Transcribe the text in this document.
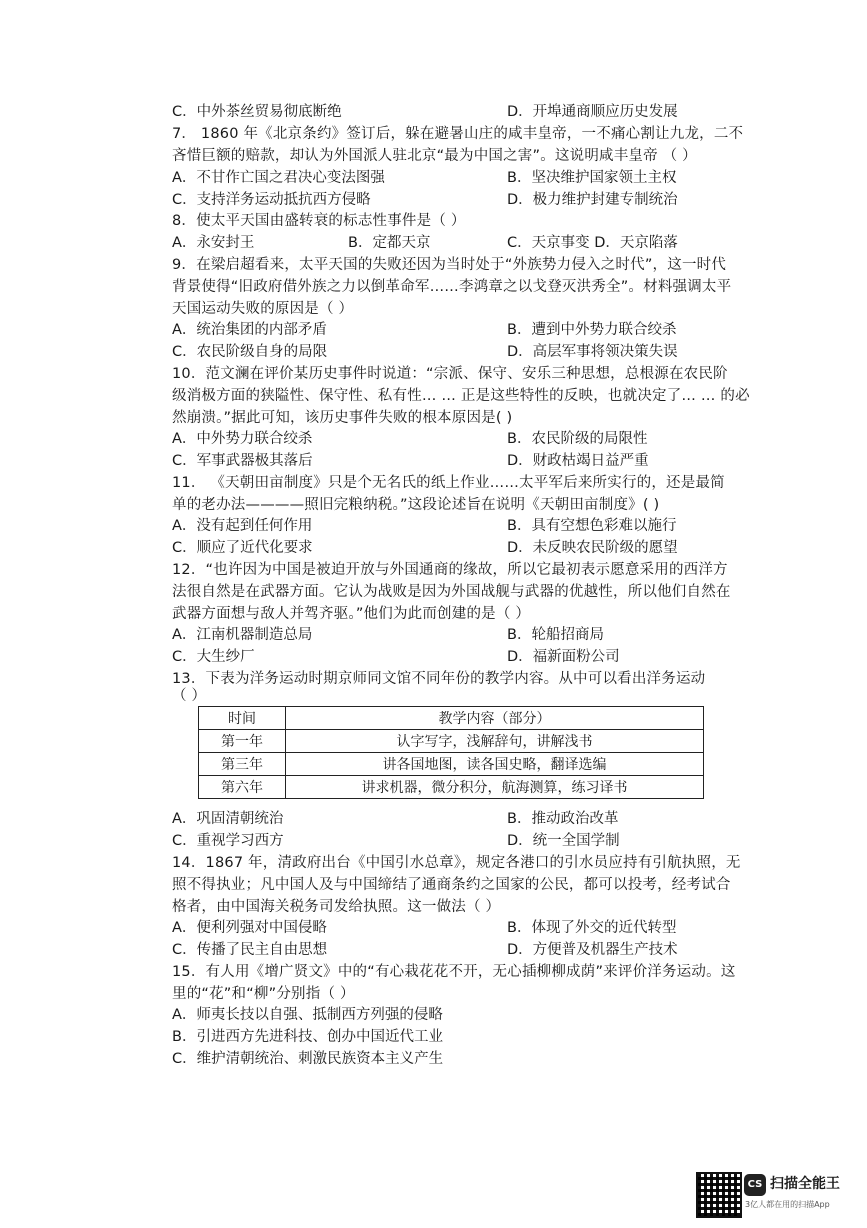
C．中外茶丝贸易彻底断绝	D．开埠通商顺应历史发展
7． 1860 年《北京条约》签订后，躲在避暑山庄的咸丰皇帝，一不痛心割让九龙，二不
吝惜巨额的赔款，却认为外国派人驻北京“最为中国之害”。这说明咸丰皇帝 （ ）
A．不甘作亡国之君决心变法图强	B．坚决维护国家领土主权
C．支持洋务运动抵抗西方侵略	D．极力维护封建专制统治
8．使太平天国由盛转衰的标志性事件是（ ）
A．永安封王	B．定都天京	C．天京事变 D．天京陷落
9．在梁启超看来，太平天国的失败还因为当时处于“外族势力侵入之时代”，这一时代
背景使得“旧政府借外族之力以倒革命军……李鸿章之以戈登灭洪秀全”。材料强调太平
天国运动失败的原因是（ ）
A．统治集团的内部矛盾	B．遭到中外势力联合绞杀
C．农民阶级自身的局限	D．高层军事将领决策失误
10．范文澜在评价某历史事件时说道：“宗派、保守、安乐三种思想，总根源在农民阶
级消极方面的狭隘性、保守性、私有性… … 正是这些特性的反映，也就决定了… … 的必
然崩溃。”据此可知，该历史事件失败的根本原因是( )
A．中外势力联合绞杀	B．农民阶级的局限性
C．军事武器极其落后	D．财政枯竭日益严重
11． 《天朝田亩制度》只是个无名氏的纸上作业……太平军后来所实行的，还是最简
单的老办法————照旧完粮纳税。”这段论述旨在说明《天朝田亩制度》( )
A．没有起到任何作用	B．具有空想色彩难以施行
C．顺应了近代化要求	D．未反映农民阶级的愿望
12．“也许因为中国是被迫开放与外国通商的缘故，所以它最初表示愿意采用的西洋方
法很自然是在武器方面。它认为战败是因为外国战舰与武器的优越性，所以他们自然在
武器方面想与敌人并驾齐驱。”他们为此而创建的是（ ）
A．江南机器制造总局	B．轮船招商局
C．大生纱厂	D．福新面粉公司
13．下表为洋务运动时期京师同文馆不同年份的教学内容。从中可以看出洋务运动
（ ）
时间	教学内容（部分）
第一年	认字写字，浅解辞句，讲解浅书
第三年	讲各国地图，读各国史略，翻译选编
第六年	讲求机器，微分积分，航海测算，练习译书
A．巩固清朝统治	B．推动政治改革
C．重视学习西方	D．统一全国学制
14．1867 年，清政府出台《中国引水总章》，规定各港口的引水员应持有引航执照，无
照不得执业；凡中国人及与中国缔结了通商条约之国家的公民，都可以投考，经考试合
格者，由中国海关税务司发给执照。这一做法（ ）
A．便利列强对中国侵略	B．体现了外交的近代转型
C．传播了民主自由思想	D．方便普及机器生产技术
15．有人用《增广贤文》中的“有心栽花花不开，无心插柳柳成荫”来评价洋务运动。这
里的“花”和“柳”分别指（ ）
A．师夷长技以自强、抵制西方列强的侵略
B．引进西方先进科技、创办中国近代工业
C．维护清朝统治、刺激民族资本主义产生
CS 扫描全能王
3亿人都在用的扫描App
